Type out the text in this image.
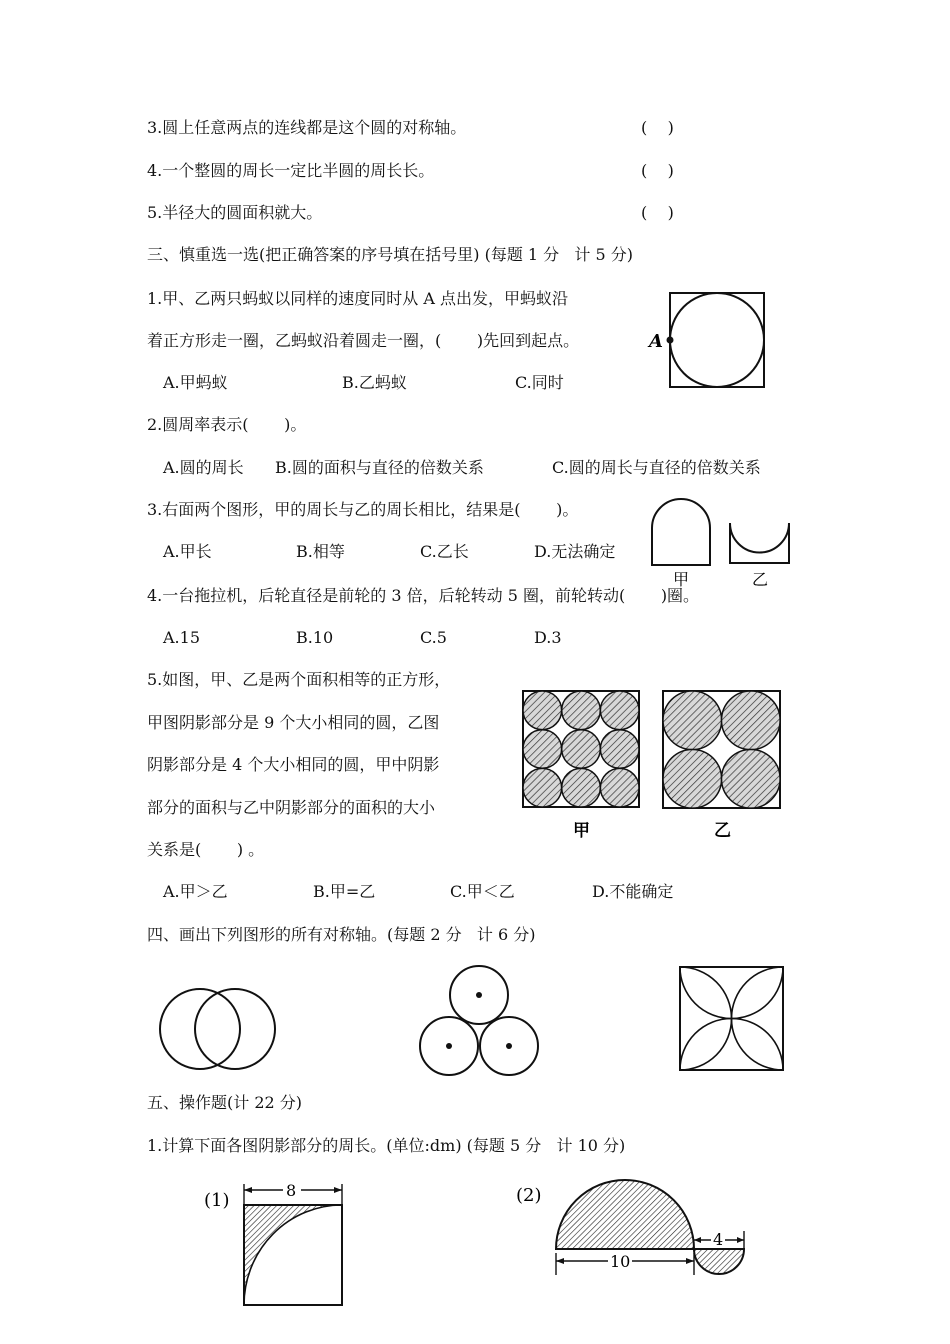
3.圆上任意两点的连线都是这个圆的对称轴。	(    )
4.一个整圆的周长一定比半圆的周长长。	(    )
5.半径大的圆面积就大。	(    )
三、慎重选一选(把正确答案的序号填在括号里) (每题 1 分   计 5 分)
1.甲、乙两只蚂蚁以同样的速度同时从 A 点出发，甲蚂蚁沿
着正方形走一圈，乙蚂蚁沿着圆走一圈，(       )先回到起点。
A.甲蚂蚁	B.乙蚂蚁	C.同时
A
2.圆周率表示(       )。
A.圆的周长 B.圆的面积与直径的倍数关系	C.圆的周长与直径的倍数关系
3.右面两个图形，甲的周长与乙的周长相比，结果是(       )。
A.甲长	B.相等	C.乙长	D.无法确定
甲	乙
4.一台拖拉机，后轮直径是前轮的 3 倍，后轮转动 5 圈，前轮转动(       )圈。
A.15	B.10	C.5	D.3
5.如图，甲、乙是两个面积相等的正方形，
甲图阴影部分是 9 个大小相同的圆，乙图
阴影部分是 4 个大小相同的圆，甲中阴影
部分的面积与乙中阴影部分的面积的大小
关系是(       ) 。
甲	乙
A.甲＞乙	B.甲=乙	C.甲＜乙	D.不能确定
四、画出下列图形的所有对称轴。(每题 2 分   计 6 分)
五、操作题(计 22 分)
1.计算下面各图阴影部分的周长。(单位:dm) (每题 5 分   计 10 分)
(1)	8	(2)
10
4
